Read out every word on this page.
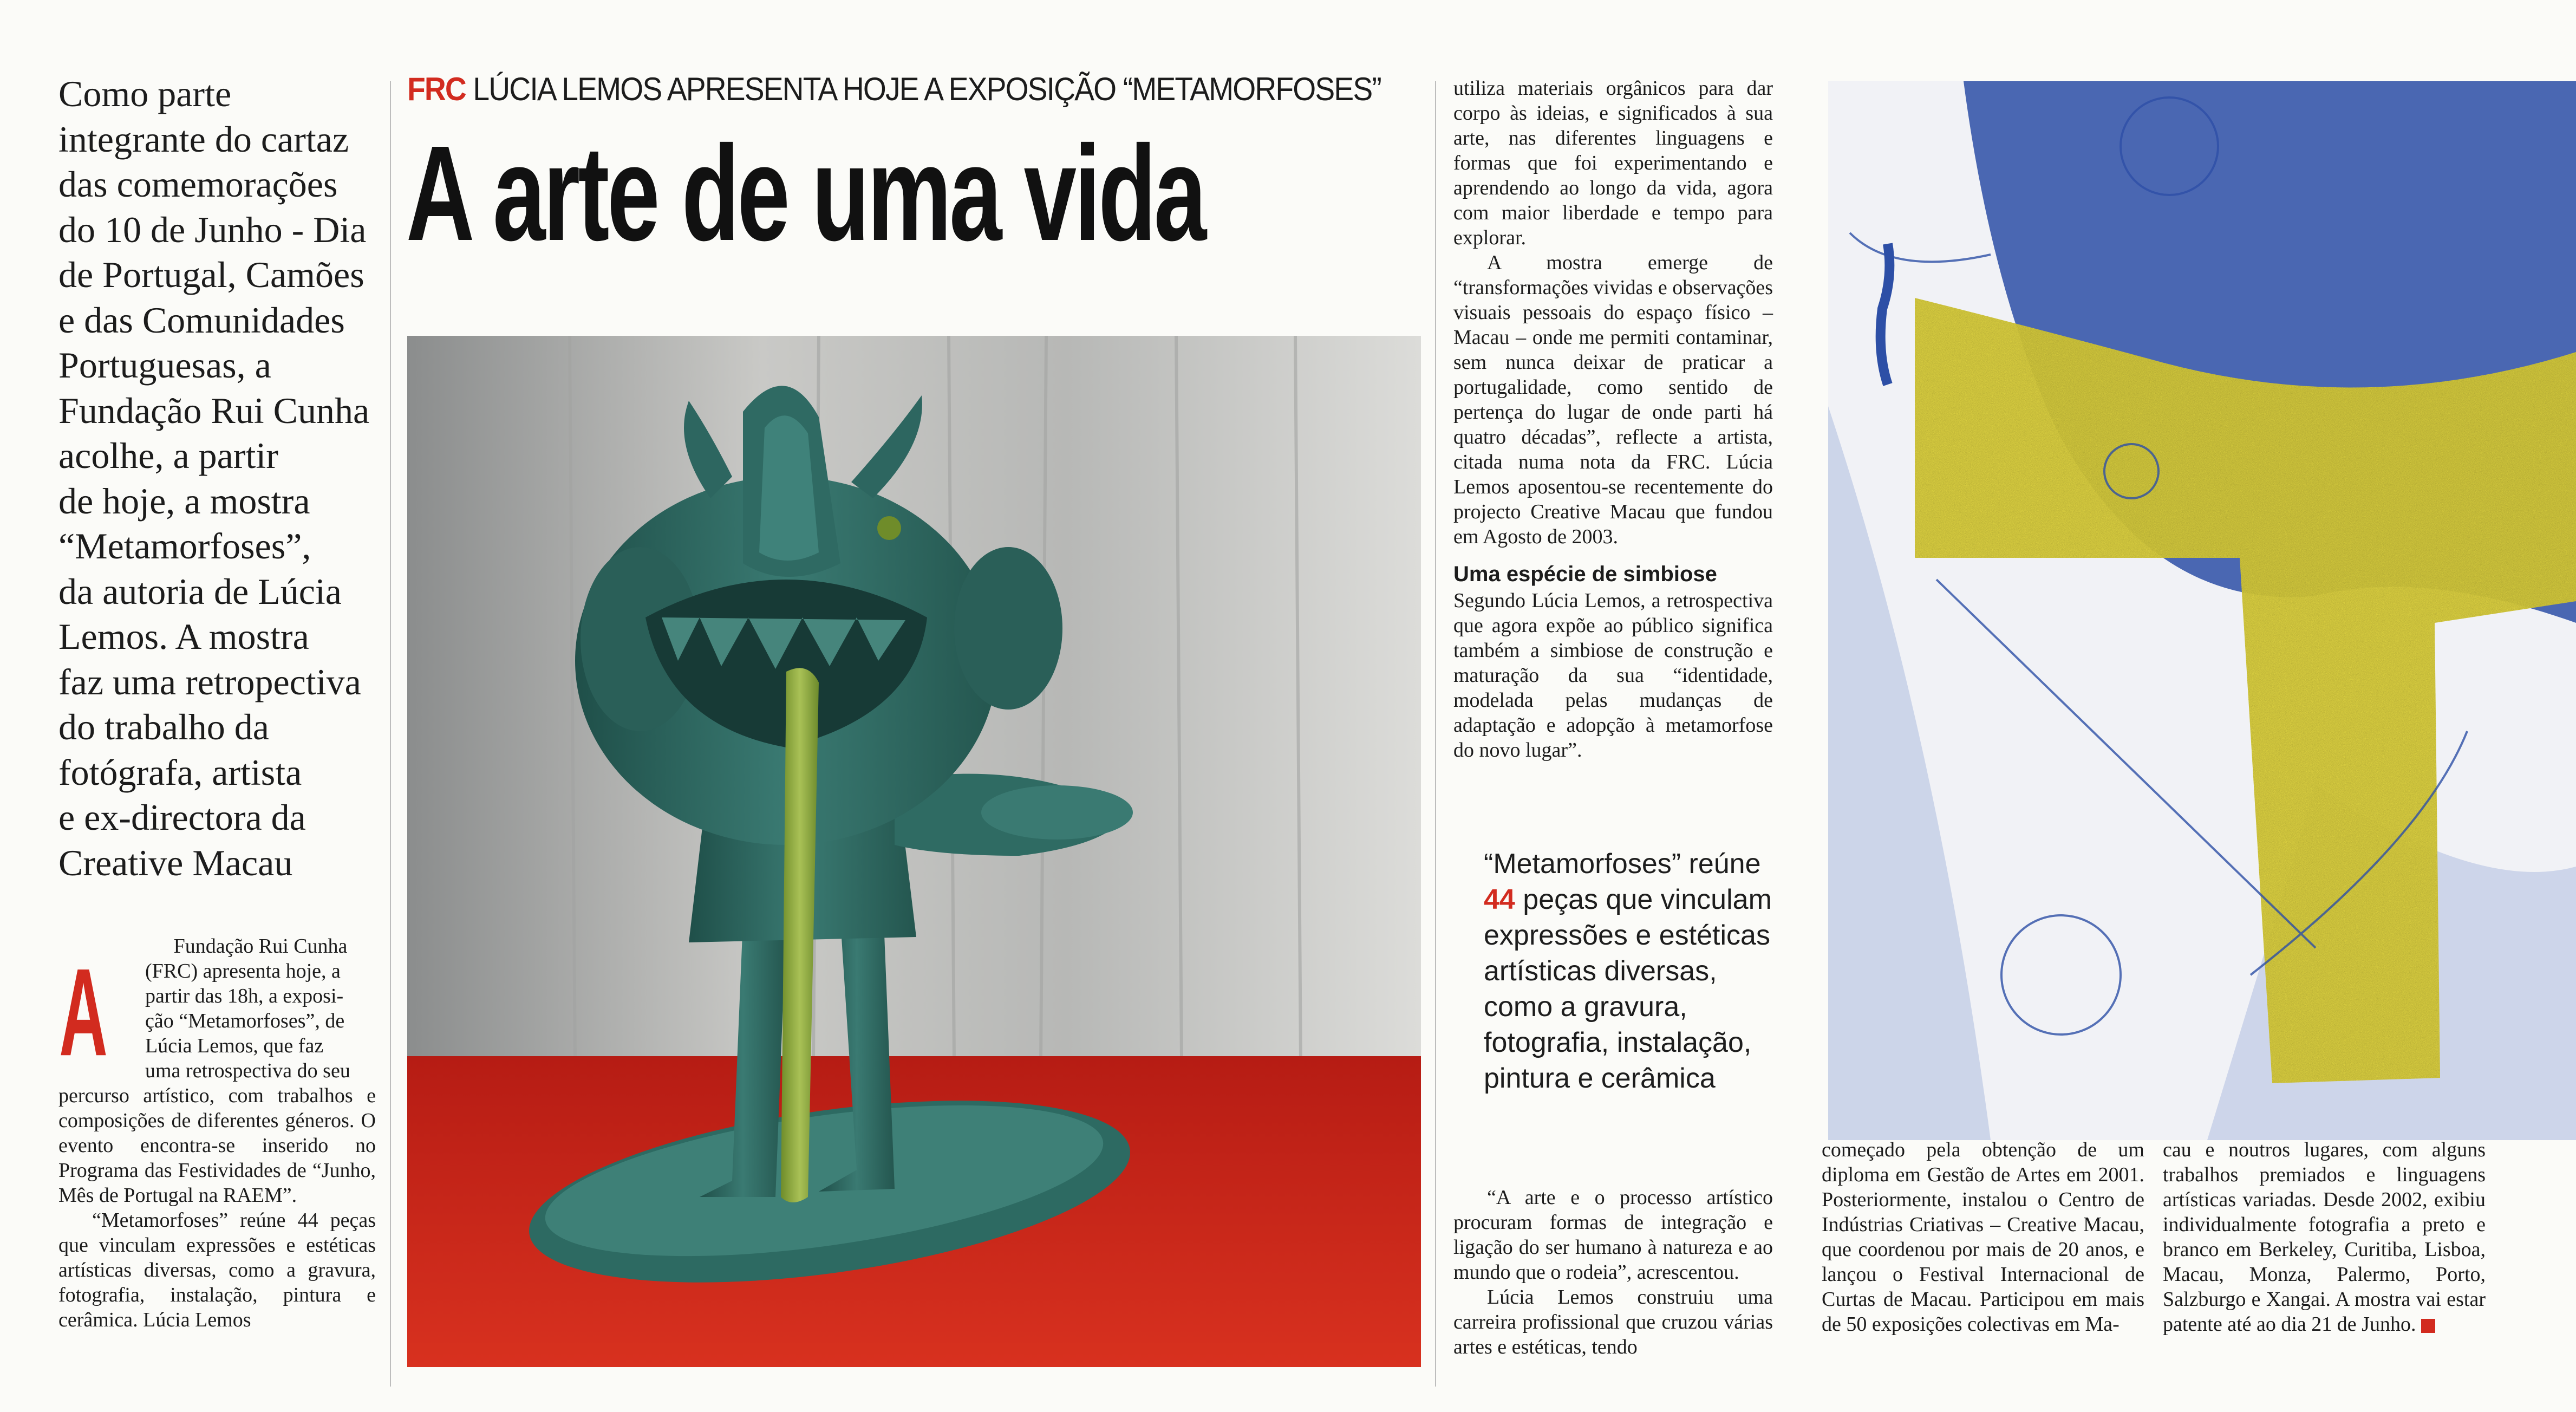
Como parte
integrante do cartaz
das comemorações
do 10 de Junho - Dia
de Portugal, Camões
e das Comunidades
Portuguesas, a
Fundação Rui Cunha
acolhe, a partir
de hoje, a mostra
“Metamorfoses”,
da autoria de Lúcia
Lemos. A mostra
faz uma retropectiva
do trabalho da
fotógrafa, artista
e ex-directora da
Creative Macau
A	Fundação Rui Cunha
(FRC) apresenta hoje, a
partir das 18h, a exposi-
ção “Metamorfoses”, de
Lúcia Lemos, que faz
uma retrospectiva do seu

percurso artístico, com trabalhos e composições de diferentes géneros. O evento encontra-se inserido no Programa das Festividades de “Junho, Mês de Portugal na RAEM”.

“Metamorfoses” reúne 44 peças que vinculam expressões e estéticas artísticas diversas, como a gravura, fotografia, instalação, pintura e cerâmica. Lúcia Lemos

FRC LÚCIA LEMOS APRESENTA HOJE A EXPOSIÇÃO “METAMORFOSES”
A arte de uma vida

utiliza materiais orgânicos para dar corpo às ideias, e significados à sua arte, nas diferentes linguagens e formas que foi experimentando e aprendendo ao longo da vida, agora com maior liberdade e tempo para explorar.

A mostra emerge de “transformações vividas e observações visuais pessoais do espaço físico – Macau – onde me permiti contaminar, sem nunca deixar de praticar a portugalidade, como sentido de pertença do lugar de onde parti há quatro décadas”, reflecte a artista, citada numa nota da FRC. Lúcia Lemos aposentou-se recentemente do projecto Creative Macau que fundou em Agosto de 2003.

Uma espécie de simbiose

Segundo Lúcia Lemos, a retrospectiva que agora expõe ao público significa também a simbiose de construção e maturação da sua “identidade, modelada pelas mudanças de adaptação e adopção à metamorfose do novo lugar”.

“Metamorfoses” reúne 44 peças que vinculam expressões e estéticas artísticas diversas, como a gravura, fotografia, instalação, pintura e cerâmica

“A arte e o processo artístico procuram formas de integração e ligação do ser humano à natureza e ao mundo que o rodeia”, acrescentou.

Lúcia Lemos construiu uma carreira profissional que cruzou várias artes e estéticas, tendo

começado pela obtenção de um diploma em Gestão de Artes em 2001. Posteriormente, instalou o Centro de Indústrias Criativas – Creative Macau, que coordenou por mais de 20 anos, e lançou o Festival Internacional de Curtas de Macau. Participou em mais de 50 exposições colectivas em Ma-

cau e noutros lugares, com alguns trabalhos premiados e linguagens artísticas variadas. Desde 2002, exibiu individualmente fotografia a preto e branco em Berkeley, Curitiba, Lisboa, Macau, Monza, Palermo, Porto, Salzburgo e Xangai. A mostra vai estar patente até ao dia 21 de Junho.
